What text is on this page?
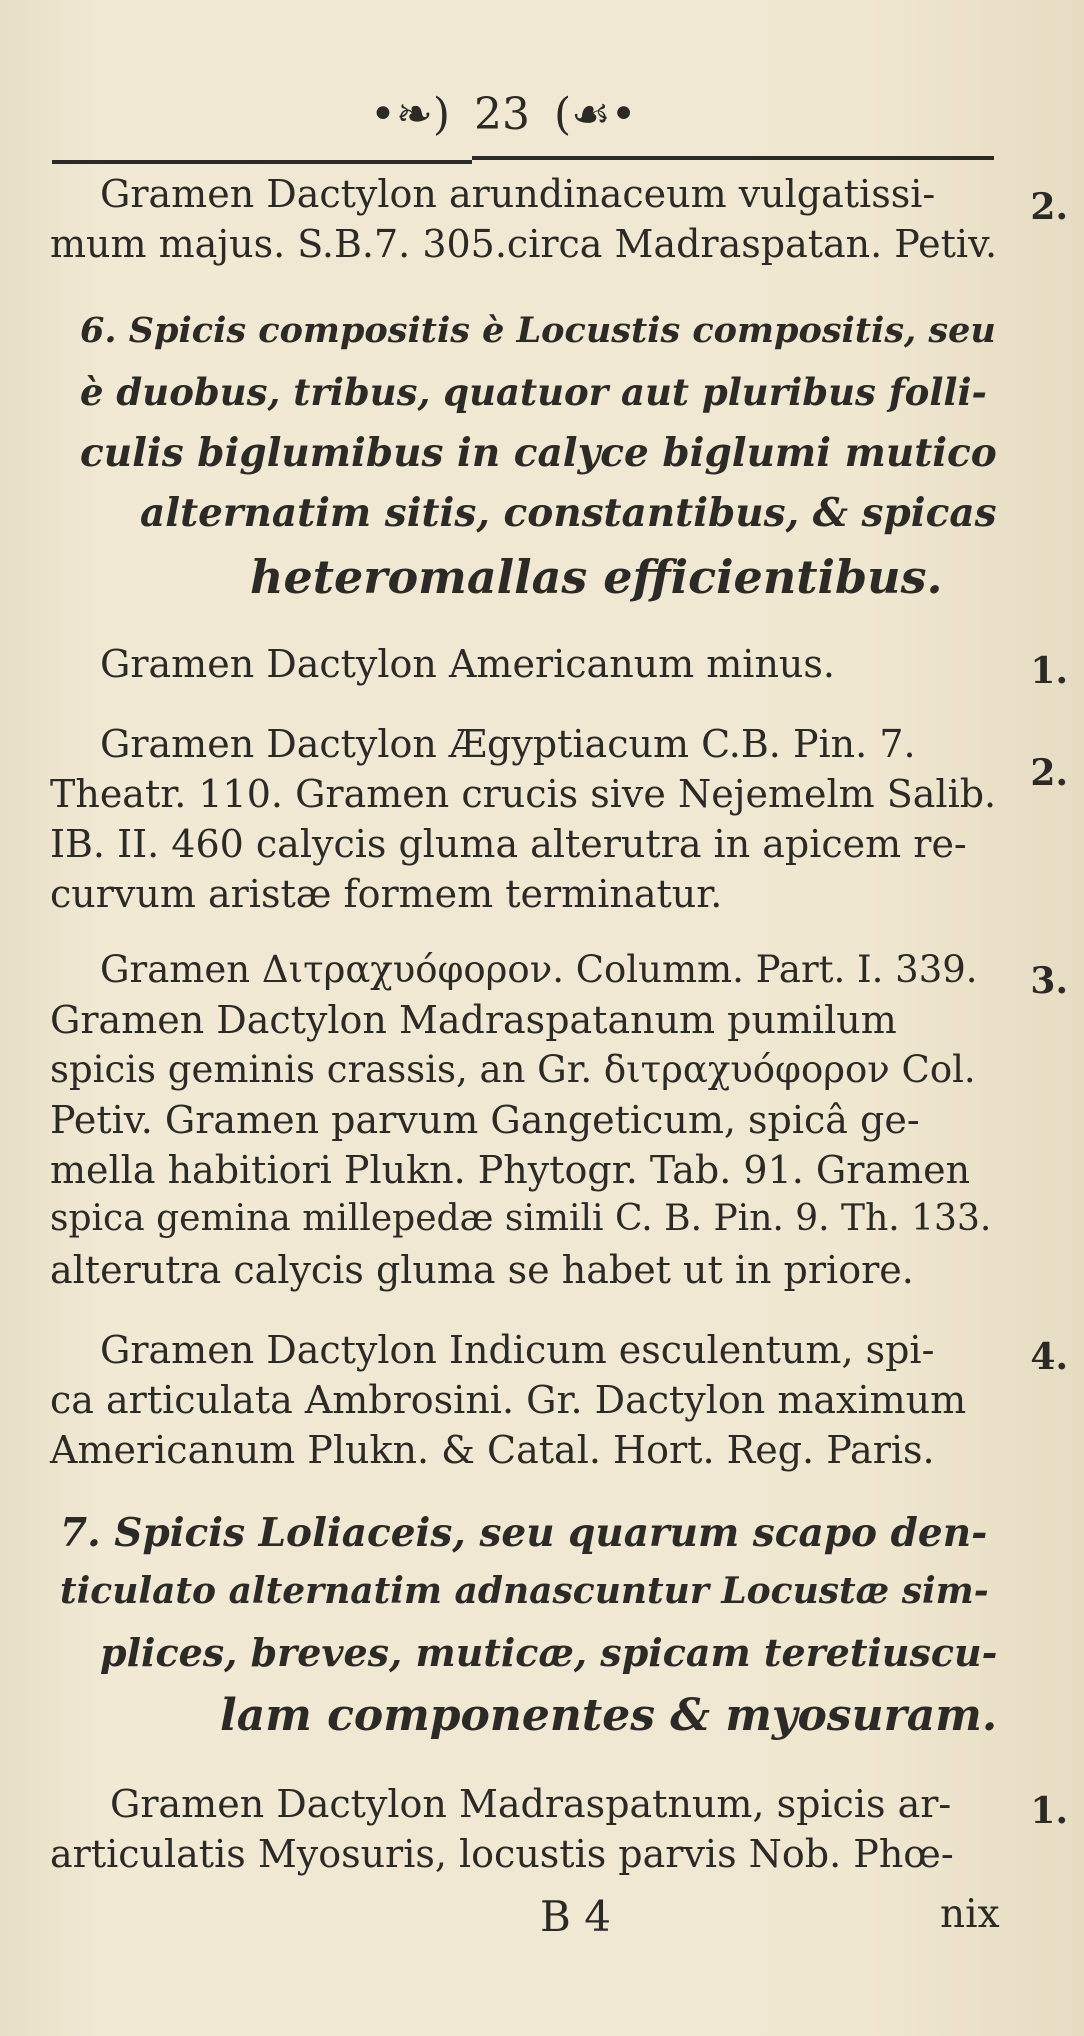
•❧) 23 (☙•
Gramen Dactylon arundinaceum vulgatissi-
mum majus. S.B.7. 305.circa Madraspatan. Petiv.
2.
6. Spicis compositis è Locustis compositis, seu
è duobus, tribus, quatuor aut pluribus folli-
culis biglumibus in calyce biglumi mutico
alternatim sitis, constantibus, & spicas
heteromallas efficientibus.
Gramen Dactylon Americanum minus.	1.
Gramen Dactylon Ægyptiacum C.B. Pin. 7.
Theatr. 110. Gramen crucis sive Nejemelm Salib.
IB. II. 460 calycis gluma alterutra in apicem re-
curvum aristæ formem terminatur.
2.
Gramen Διτραχυόφορον. Columm. Part. I. 339.
Gramen Dactylon Madraspatanum pumilum
spicis geminis crassis, an Gr. διτραχυόφορον Col.
Petiv. Gramen parvum Gangeticum, spicâ ge-
mella habitiori Plukn. Phytogr. Tab. 91. Gramen
spica gemina millepedæ simili C. B. Pin. 9. Th. 133.
alterutra calycis gluma se habet ut in priore.
3.
Gramen Dactylon Indicum esculentum, spi-
ca articulata Ambrosini. Gr. Dactylon maximum
Americanum Plukn. & Catal. Hort. Reg. Paris.
4.
7. Spicis Loliaceis, seu quarum scapo den-
ticulato alternatim adnascuntur Locustæ sim-
plices, breves, muticæ, spicam teretiuscu-
lam componentes & myosuram.
Gramen Dactylon Madraspatnum, spicis ar-
articulatis Myosuris, locustis parvis Nob. Phœ-
1.
B 4	nix
